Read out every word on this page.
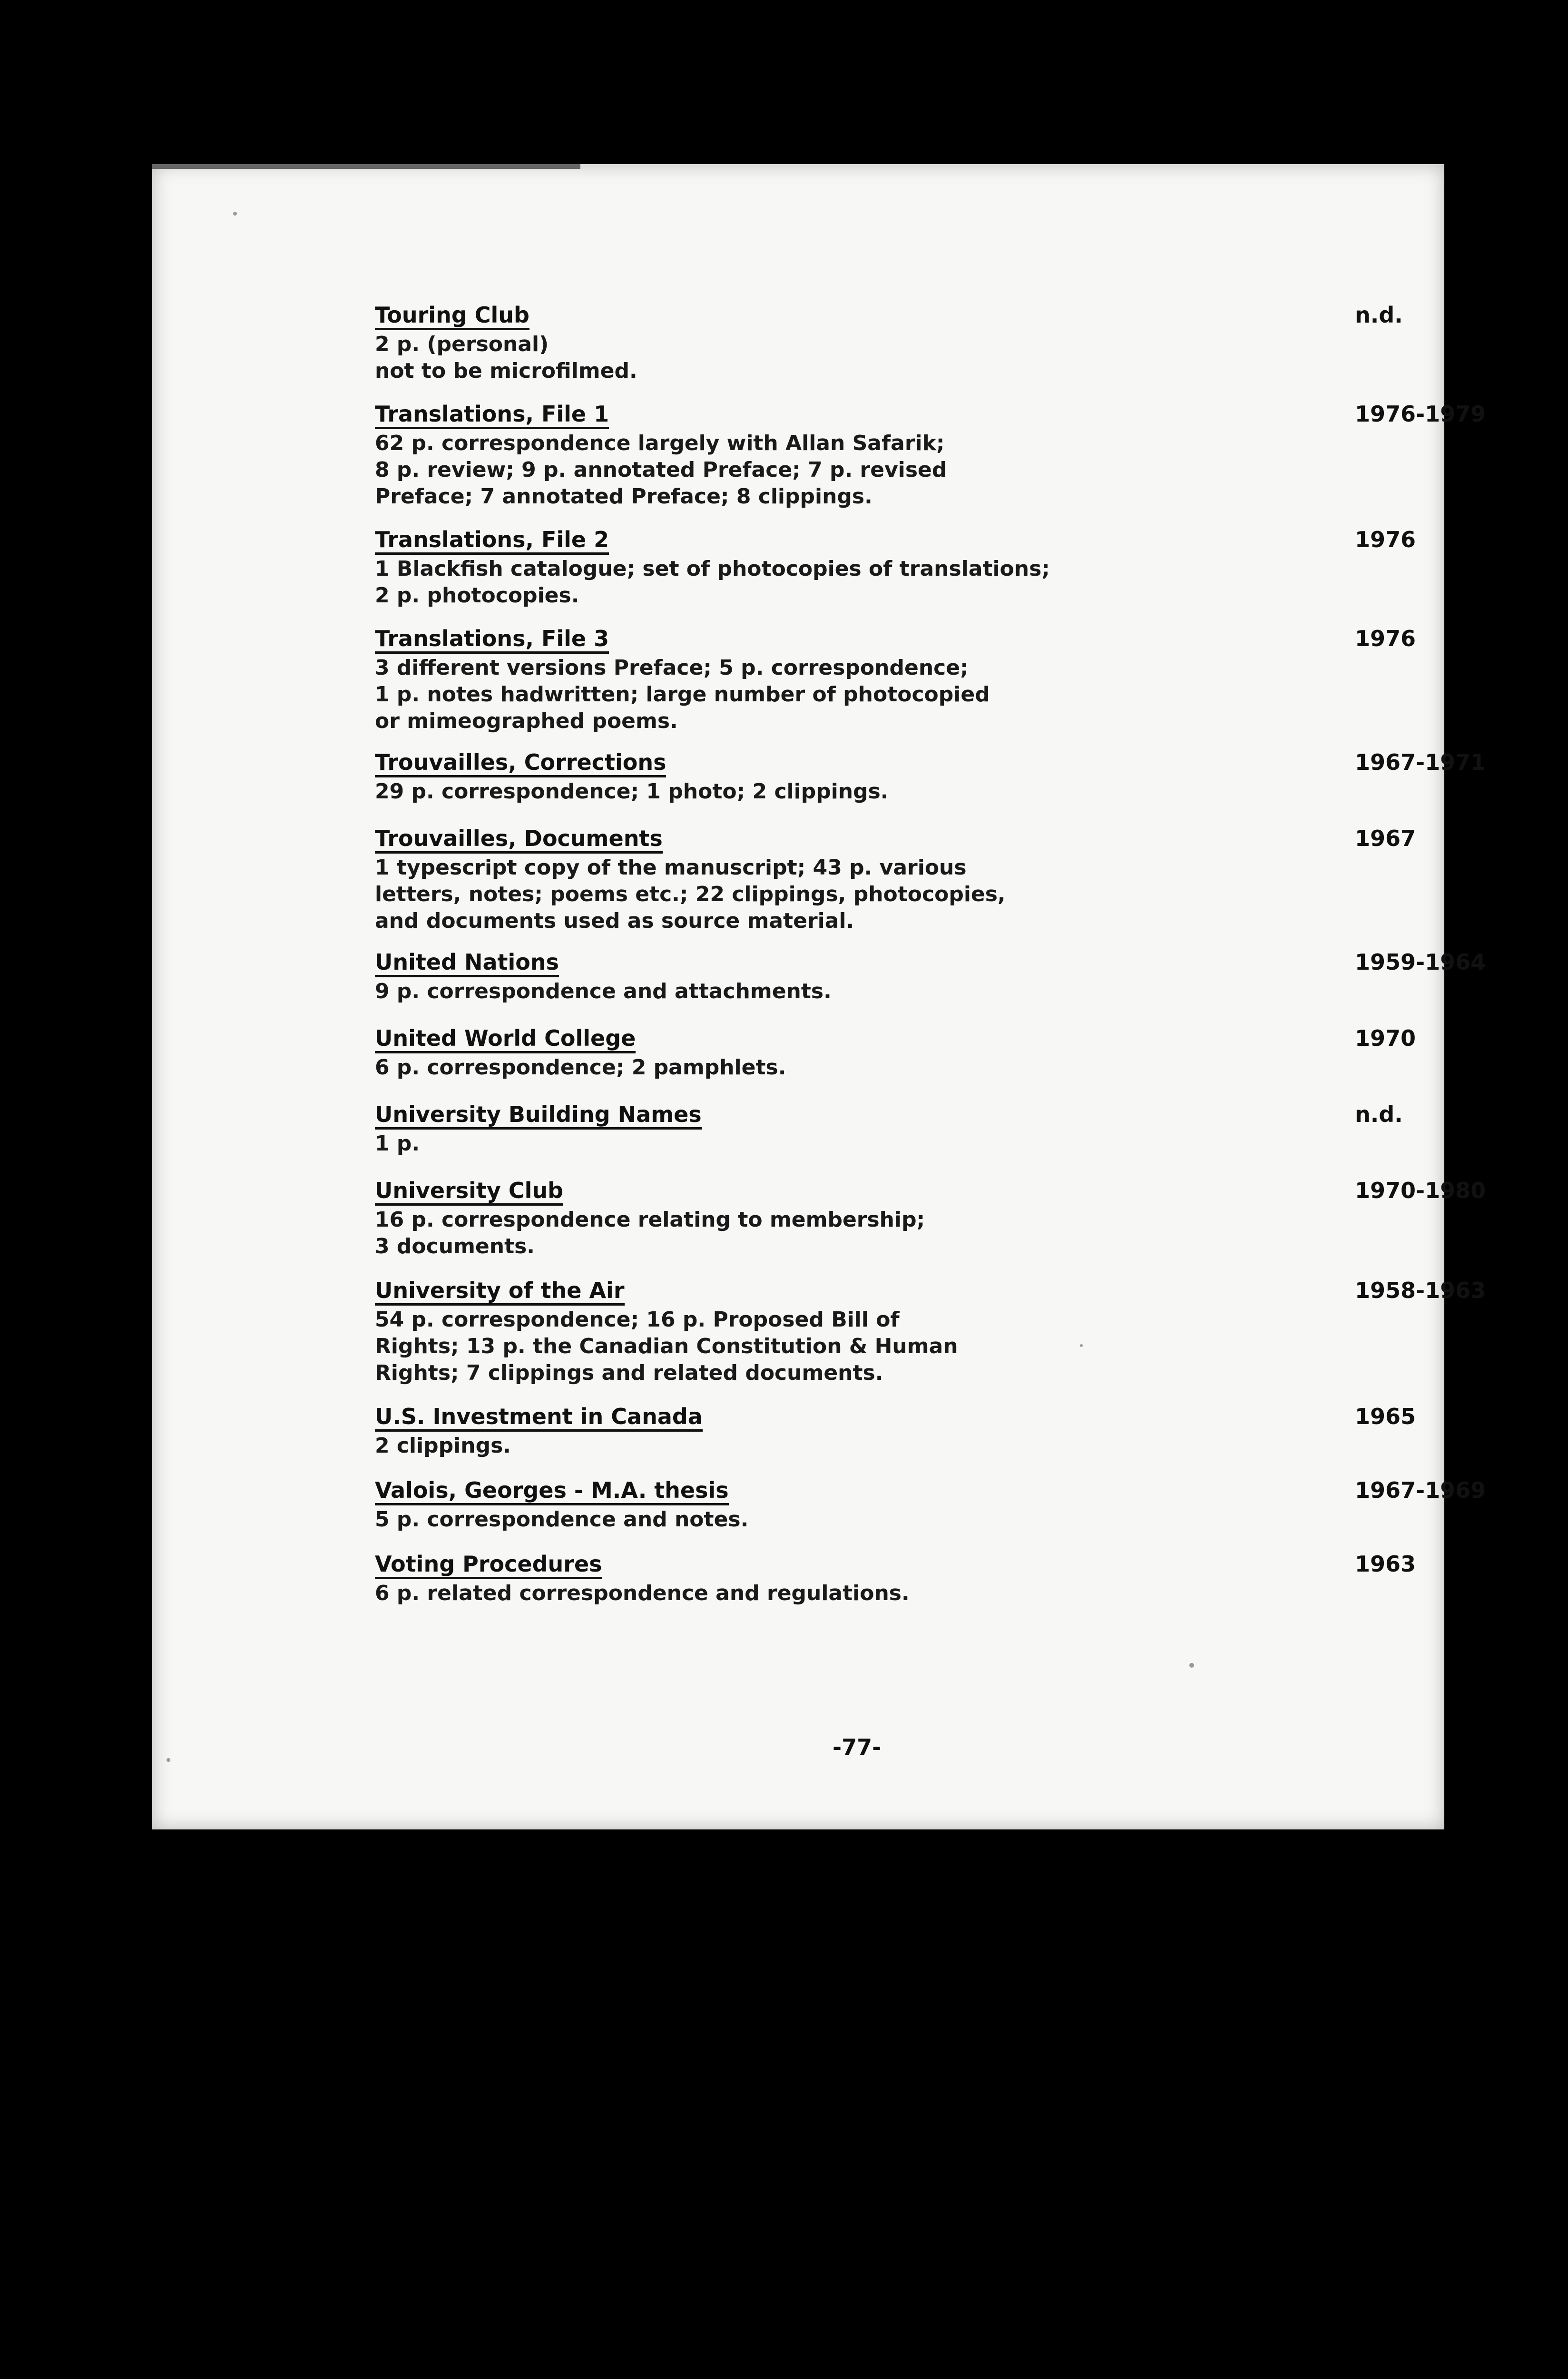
Touring Club
2 p. (personal)
not to be microfilmed.
n.d.
Translations, File 1
62 p. correspondence largely with Allan Safarik;
8 p. review; 9 p. annotated Preface; 7 p. revised
Preface; 7 annotated Preface; 8 clippings.
1976-1979
Translations, File 2
1 Blackfish catalogue; set of photocopies of translations;
2 p. photocopies.
1976
Translations, File 3
3 different versions Preface; 5 p. correspondence;
1 p. notes hadwritten; large number of photocopied
or mimeographed poems.
1976
Trouvailles, Corrections
29 p. correspondence; 1 photo; 2 clippings.
1967-1971
Trouvailles, Documents
1 typescript copy of the manuscript; 43 p. various
letters, notes; poems etc.; 22 clippings, photocopies,
and documents used as source material.
1967
United Nations
9 p. correspondence and attachments.
1959-1964
United World College
6 p. correspondence; 2 pamphlets.
1970
University Building Names
1 p.
n.d.
University Club
16 p. correspondence relating to membership;
3 documents.
1970-1980
University of the Air
54 p. correspondence; 16 p. Proposed Bill of
Rights; 13 p. the Canadian Constitution & Human
Rights; 7 clippings and related documents.
1958-1963
U.S. Investment in Canada
2 clippings.
1965
Valois, Georges - M.A. thesis
5 p. correspondence and notes.
1967-1969
Voting Procedures
6 p. related correspondence and regulations.
1963
-77-
